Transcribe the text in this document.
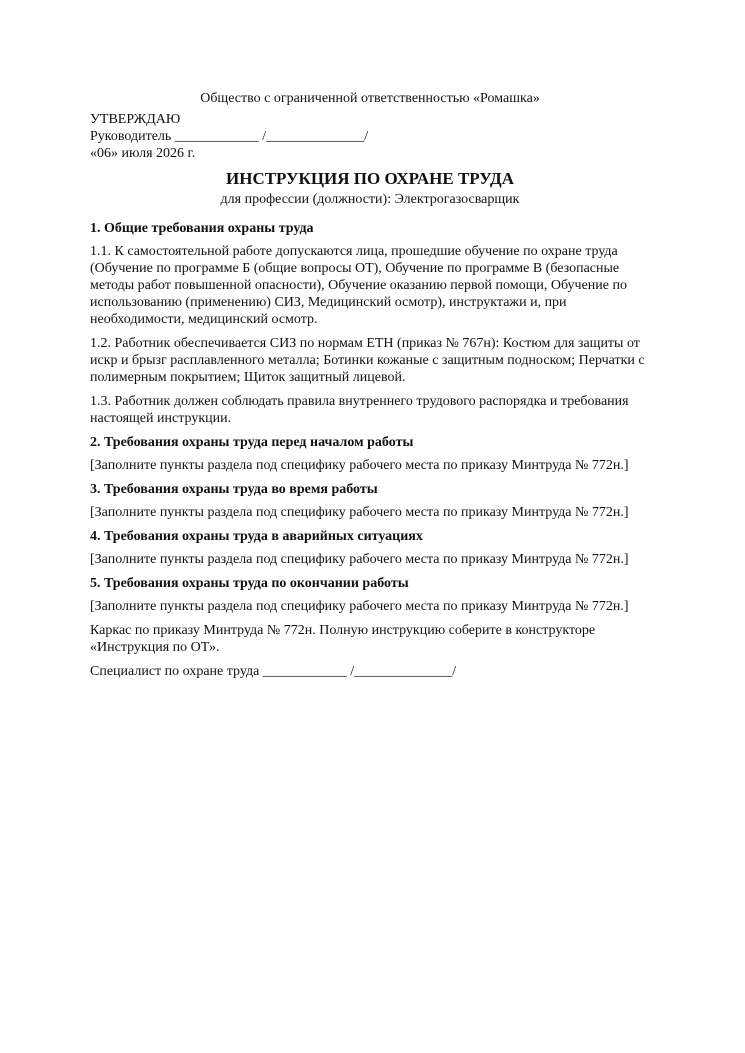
Общество с ограниченной ответственностью «Ромашка»

УТВЕРЖДАЮ

Руководитель ____________ /______________/

«06» июля 2026 г.

ИНСТРУКЦИЯ ПО ОХРАНЕ ТРУДА

для профессии (должности): Электрогазосварщик

1. Общие требования охраны труда

1.1. К самостоятельной работе допускаются лица, прошедшие обучение по охране труда (Обучение по программе Б (общие вопросы ОТ), Обучение по программе В (безопасные методы работ повышенной опасности), Обучение оказанию первой помощи, Обучение по использованию (применению) СИЗ, Медицинский осмотр), инструктажи и, при необходимости, медицинский осмотр.

1.2. Работник обеспечивается СИЗ по нормам ЕТН (приказ № 767н): Костюм для защиты от искр и брызг расплавленного металла; Ботинки кожаные с защитным подноском; Перчатки с полимерным покрытием; Щиток защитный лицевой.

1.3. Работник должен соблюдать правила внутреннего трудового распорядка и требования настоящей инструкции.

2. Требования охраны труда перед началом работы

[Заполните пункты раздела под специфику рабочего места по приказу Минтруда № 772н.]

3. Требования охраны труда во время работы

[Заполните пункты раздела под специфику рабочего места по приказу Минтруда № 772н.]

4. Требования охраны труда в аварийных ситуациях

[Заполните пункты раздела под специфику рабочего места по приказу Минтруда № 772н.]

5. Требования охраны труда по окончании работы

[Заполните пункты раздела под специфику рабочего места по приказу Минтруда № 772н.]

Каркас по приказу Минтруда № 772н. Полную инструкцию соберите в конструкторе «Инструкция по ОТ».

Специалист по охране труда ____________ /______________/
